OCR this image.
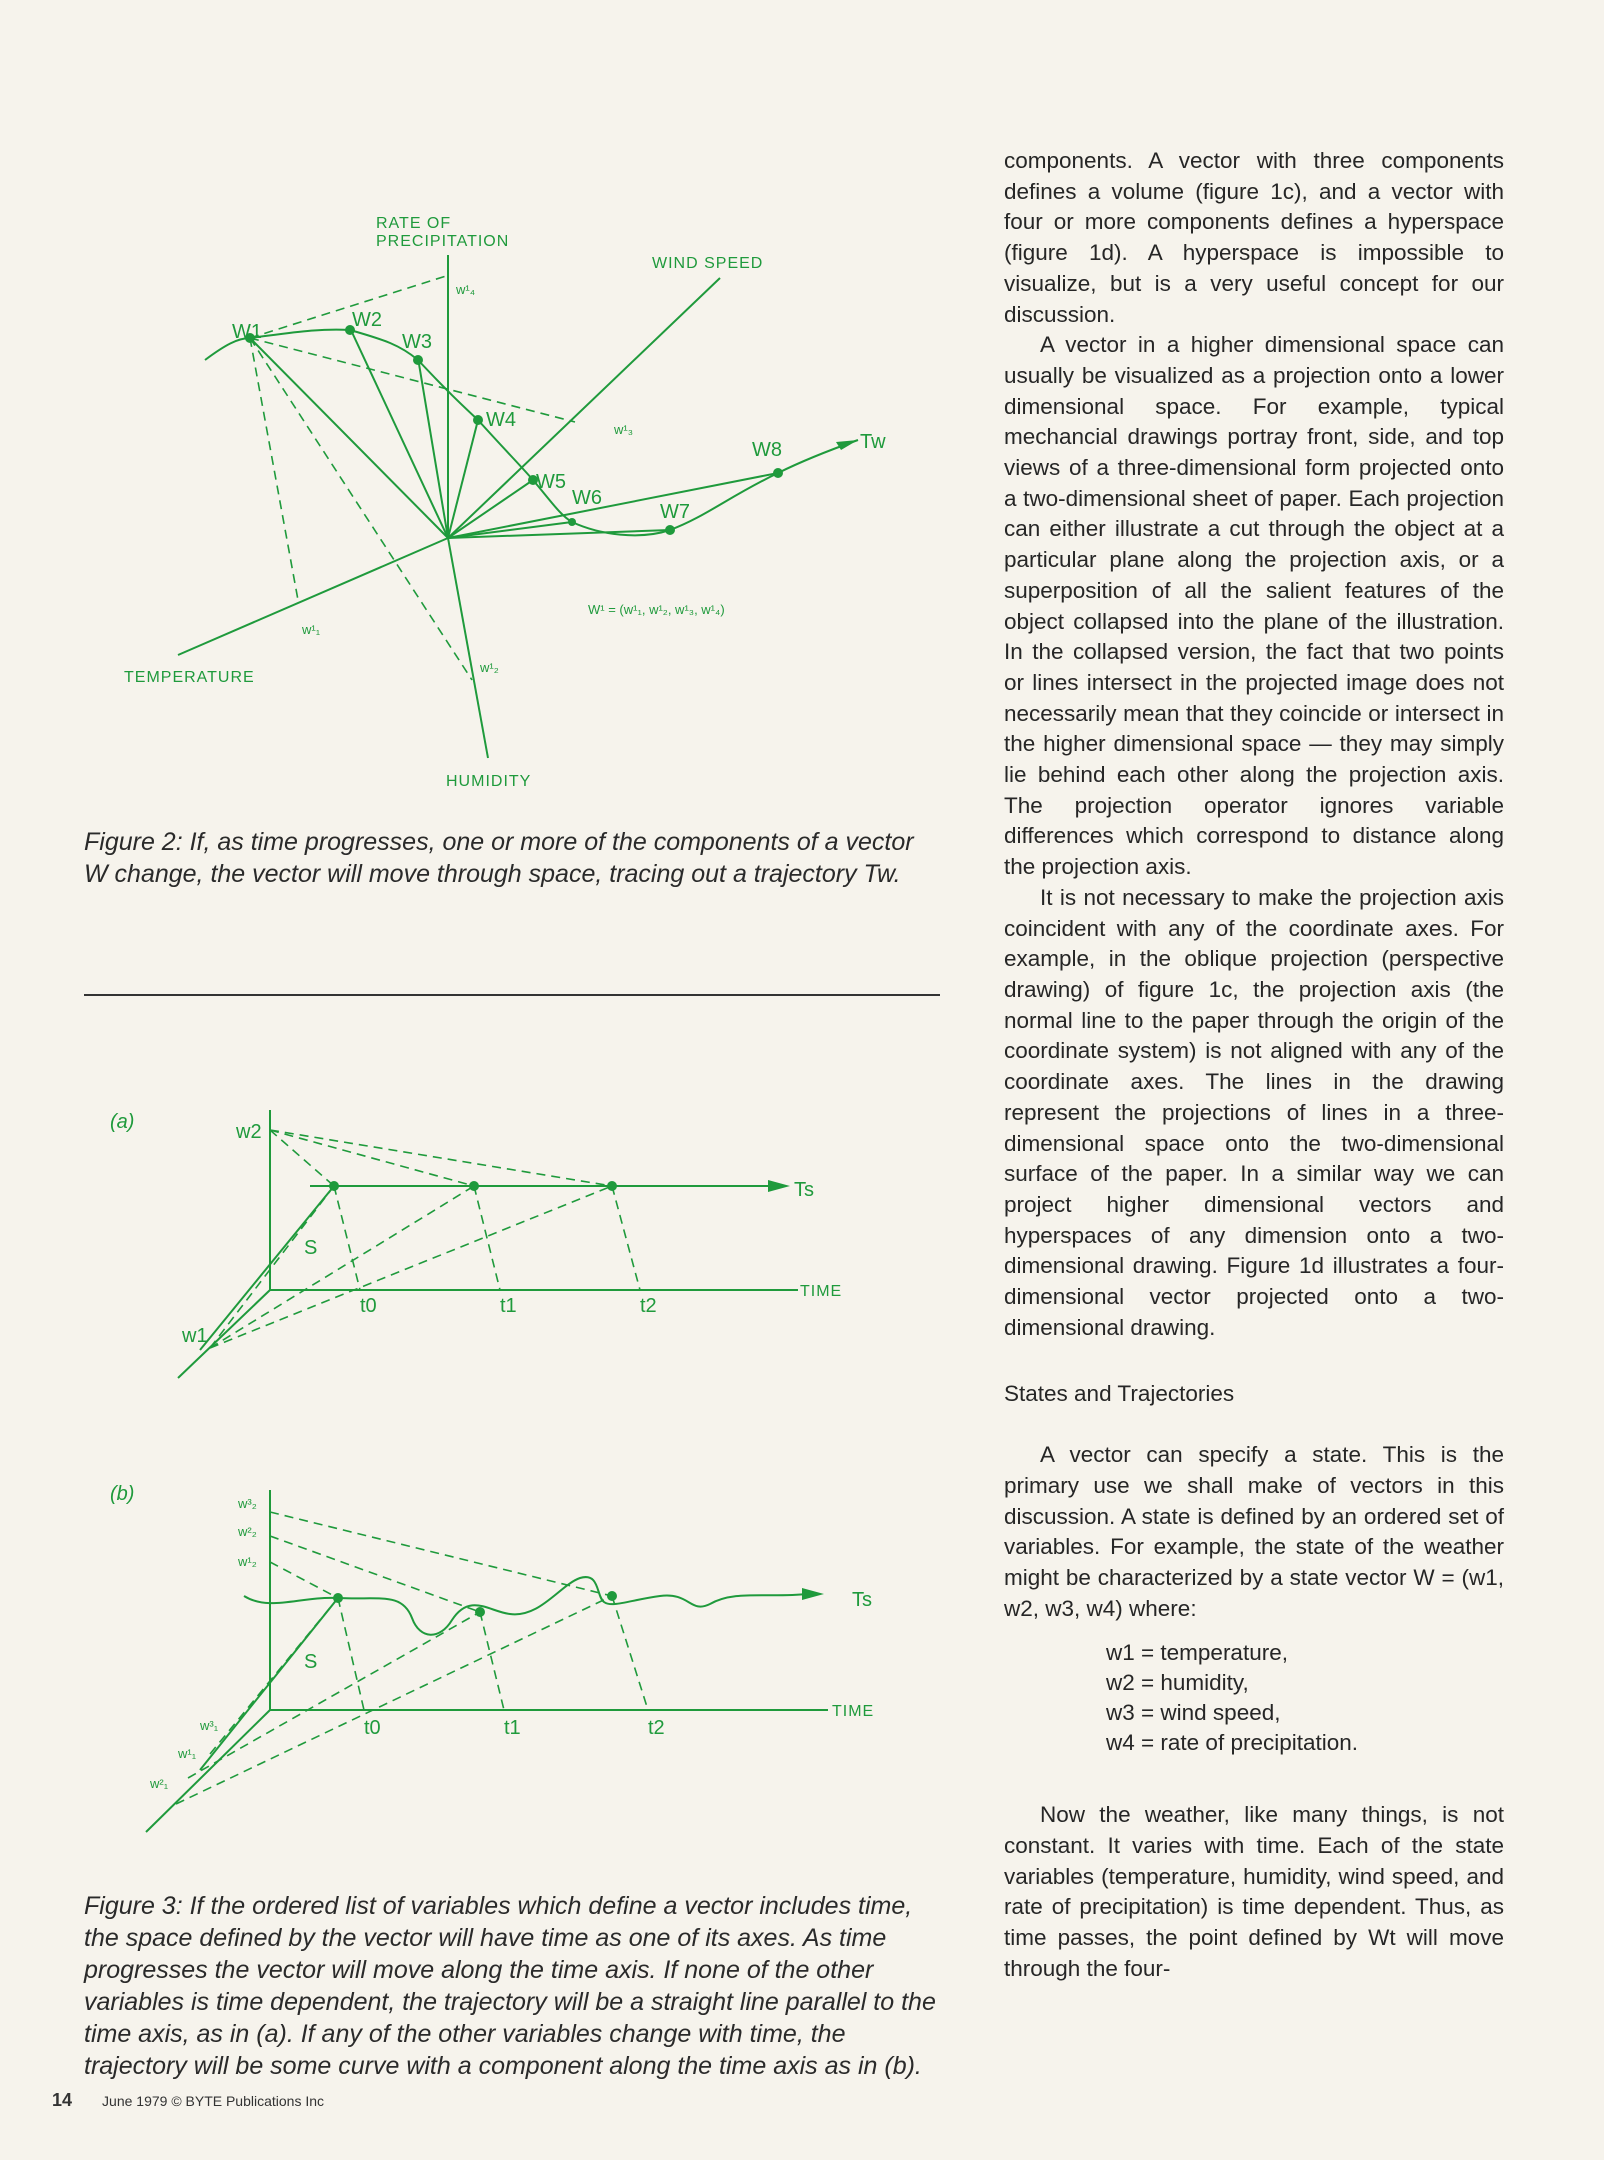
RATE OF PRECIPITATION
WIND SPEED
TEMPERATURE
HUMIDITY
W1
W2
W3
W4
W5
W6
W7
W8	Tw
w¹₁
w¹₂
w¹₃
w¹₄
W¹ = (w¹₁, w¹₂, w¹₃, w¹₄)

Figure 2: If, as time progresses, one or more of the components of a vector W change, the vector will move through space, tracing out a trajectory Tw.

(a)	w2
w1
S
Ts
TIME
t0	t1	t2
(b)	w³₂
w²₂
w¹₂
w³₁
w¹₁
w²₁
S
Ts
TIME
t0	t1	t2

Figure 3: If the ordered list of variables which define a vector includes time, the space defined by the vector will have time as one of its axes. As time progresses the vector will move along the time axis. If none of the other variables is time dependent, the trajectory will be a straight line parallel to the time axis, as in (a). If any of the other variables change with time, the trajectory will be some curve with a component along the time axis as in (b).

components. A vector with three components defines a volume (figure 1c), and a vector with four or more components defines a hyperspace (figure 1d). A hyperspace is impossible to visualize, but is a very useful concept for our discussion.

A vector in a higher dimensional space can usually be visualized as a projection onto a lower dimensional space. For example, typical mechancial drawings portray front, side, and top views of a three-dimensional form projected onto a two-dimensional sheet of paper. Each projection can either illustrate a cut through the object at a particular plane along the projection axis, or a superposition of all the salient features of the object collapsed into the plane of the illustration. In the collapsed version, the fact that two points or lines intersect in the projected image does not necessarily mean that they coincide or intersect in the higher dimensional space — they may simply lie behind each other along the projection axis. The projection operator ignores variable differences which correspond to distance along the projection axis.

It is not necessary to make the projection axis coincident with any of the coordinate axes. For example, in the oblique projection (perspective drawing) of figure 1c, the projection axis (the normal line to the paper through the origin of the coordinate system) is not aligned with any of the coordinate axes. The lines in the drawing represent the projections of lines in a three-dimensional space onto the two-dimensional surface of the paper. In a similar way we can project higher dimensional vectors and hyperspaces of any dimension onto a two-dimensional drawing. Figure 1d illustrates a four-dimensional vector projected onto a two-dimensional drawing.

States and Trajectories

A vector can specify a state. This is the primary use we shall make of vectors in this discussion. A state is defined by an ordered set of variables. For example, the state of the weather might be characterized by a state vector W = (w1, w2, w3, w4) where:

w1 = temperature,
w2 = humidity,
w3 = wind speed,
w4 = rate of precipitation.

Now the weather, like many things, is not constant. It varies with time. Each of the state variables (temperature, humidity, wind speed, and rate of precipitation) is time dependent. Thus, as time passes, the point defined by Wt will move through the four-

14 June 1979 © BYTE Publications Inc
